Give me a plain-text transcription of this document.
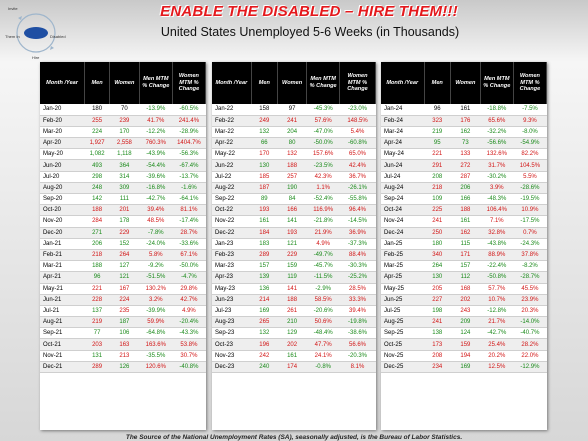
Invite
Them In
Hire
Disabled
ENABLE THE DISABLED – HIRE THEM!!!
United States Unemployed 5-6 Weeks (in Thousands)
Month /Year	Men	Women	Men MTM % Change	Women MTM % Change
Jan-20	180	70	-13.9%	-60.5%
Feb-20	255	239	41.7%	241.4%
Mar-20	224	170	-12.2%	-28.9%
Apr-20	1,927	2,558	760.3%	1404.7%
May-20	1,082	1,118	-43.9%	-56.3%
Jun-20	493	364	-54.4%	-67.4%
Jul-20	298	314	-39.6%	-13.7%
Aug-20	248	309	-16.8%	-1.6%
Sep-20	142	111	-42.7%	-64.1%
Oct-20	188	201	39.4%	81.1%
Nov-20	284	178	48.5%	-17.4%
Dec-20	271	229	-7.8%	28.7%
Jan-21	206	152	-24.0%	-33.6%
Feb-21	218	264	5.8%	67.1%
Mar-21	188	127	-9.2%	-50.0%
Apr-21	96	121	-51.5%	-4.7%
May-21	221	167	130.2%	29.8%
Jun-21	228	224	3.2%	42.7%
Jul-21	137	235	-39.9%	4.9%
Aug-21	219	187	59.9%	-20.4%
Sep-21	77	106	-64.8%	-43.3%
Oct-21	203	163	163.6%	53.8%
Nov-21	131	213	-35.5%	30.7%
Dec-21	289	126	120.6%	-40.8%
Month /Year	Men	Women	Men MTM % Change	Women MTM % Change
Jan-22	158	97	-45.3%	-23.0%
Feb-22	249	241	57.6%	148.5%
Mar-22	132	204	-47.0%	5.4%
Apr-22	66	80	-50.0%	-60.8%
May-22	170	132	157.6%	65.0%
Jun-22	130	188	-23.5%	42.4%
Jul-22	185	257	42.3%	36.7%
Aug-22	187	190	1.1%	-26.1%
Sep-22	89	84	-52.4%	-55.8%
Oct-22	193	166	116.9%	96.4%
Nov-22	161	141	-21.8%	-14.5%
Dec-22	184	193	21.9%	36.9%
Jan-23	183	121	4.9%	-37.3%
Feb-23	289	229	-49.7%	88.4%
Mar-23	157	159	-45.7%	-30.3%
Apr-23	139	119	-11.5%	-25.2%
May-23	136	141	-2.9%	28.5%
Jun-23	214	188	58.5%	33.3%
Jul-23	169	261	-20.6%	39.4%
Aug-23	265	210	50.6%	-19.8%
Sep-23	132	129	-48.4%	-38.6%
Oct-23	196	202	47.7%	56.6%
Nov-23	242	161	24.1%	-20.3%
Dec-23	240	174	-0.8%	8.1%
Month /Year	Men	Women	Men MTM % Change	Women MTM % Change
Jan-24	96	161	-18.8%	-7.5%
Feb-24	323	176	65.6%	9.3%
Mar-24	219	162	-32.2%	-8.0%
Apr-24	95	73	-56.6%	-54.9%
May-24	221	133	132.6%	82.2%
Jun-24	291	272	31.7%	104.5%
Jul-24	208	287	-30.2%	5.5%
Aug-24	218	206	3.9%	-28.6%
Sep-24	109	166	-48.3%	-19.5%
Oct-24	225	188	106.4%	10.9%
Nov-24	241	161	7.1%	-17.5%
Dec-24	250	162	32.8%	0.7%
Jan-25	180	115	-43.8%	-24.3%
Feb-25	340	171	88.9%	37.8%
Mar-25	264	157	-22.4%	-8.2%
Apr-25	130	112	-50.8%	-28.7%
May-25	205	168	57.7%	45.5%
Jun-25	227	202	10.7%	23.9%
Jul-25	198	243	-12.8%	20.3%
Aug-25	241	209	21.7%	-14.0%
Sep-25	138	124	-42.7%	-40.7%
Oct-25	173	159	25.4%	28.2%
Nov-25	208	194	20.2%	22.0%
Dec-25	234	169	12.5%	-12.9%
The Source of the National Unemployment Rates (SA), seasonally adjusted, is the Bureau of Labor Statistics.
